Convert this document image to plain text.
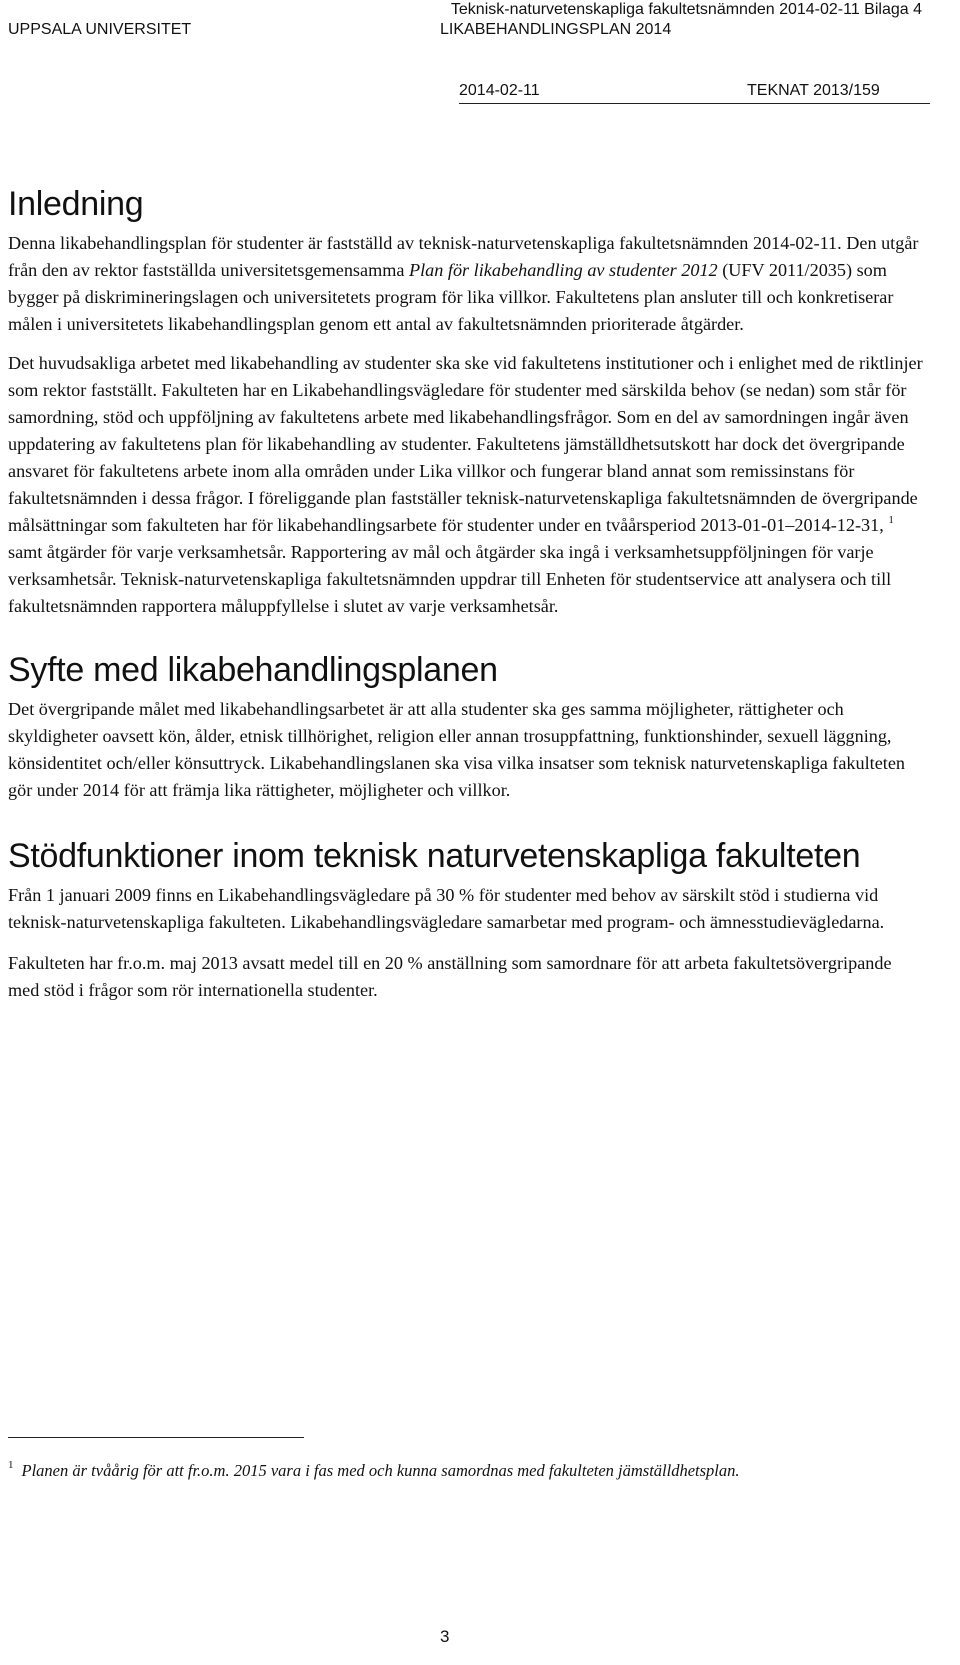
UPPSALA UNIVERSITET
Teknisk-naturvetenskapliga fakultetsnämnden 2014-02-11 Bilaga 4
LIKABEHANDLINGSPLAN 2014
2014-02-11	TEKNAT 2013/159
Inledning

Denna likabehandlingsplan för studenter är fastställd av teknisk-naturvetenskapliga fakultetsnämnden 2014-02-11. Den utgår från den av rektor fastställda universitetsgemensamma Plan för likabehandling av studenter 2012 (UFV 2011/2035) som bygger på diskrimineringslagen och universitetets program för lika villkor. Fakultetens plan ansluter till och konkretiserar målen i universitetets likabehandlingsplan genom ett antal av fakultetsnämnden prioriterade åtgärder.

Det huvudsakliga arbetet med likabehandling av studenter ska ske vid fakultetens institutioner och i enlighet med de riktlinjer som rektor fastställt. Fakulteten har en Likabehandlingsvägledare för studenter med särskilda behov (se nedan) som står för samordning, stöd och uppföljning av fakultetens arbete med likabehandlingsfrågor. Som en del av samordningen ingår även uppdatering av fakultetens plan för likabehandling av studenter. Fakultetens jämställdhetsutskott har dock det övergripande ansvaret för fakultetens arbete inom alla områden under Lika villkor och fungerar bland annat som remissinstans för fakultetsnämnden i dessa frågor. I föreliggande plan fastställer teknisk-naturvetenskapliga fakultetsnämnden de övergripande målsättningar som fakulteten har för likabehandlingsarbete för studenter under en tvåårsperiod 2013-01-01–2014-12-31, $^1$ samt åtgärder för varje verksamhetsår. Rapportering av mål och åtgärder ska ingå i verksamhetsuppföljningen för varje verksamhetsår. Teknisk-naturvetenskapliga fakultetsnämnden uppdrar till Enheten för studentservice att analysera och till fakultetsnämnden rapportera måluppfyllelse i slutet av varje verksamhetsår.

Syfte med likabehandlingsplanen

Det övergripande målet med likabehandlingsarbetet är att alla studenter ska ges samma möjligheter, rättigheter och skyldigheter oavsett kön, ålder, etnisk tillhörighet, religion eller annan trosuppfattning, funktionshinder, sexuell läggning, könsidentitet och/eller könsuttryck. Likabehandlingslanen ska visa vilka insatser som teknisk naturvetenskapliga fakulteten gör under 2014 för att främja lika rättigheter, möjligheter och villkor.

Stödfunktioner inom teknisk naturvetenskapliga fakulteten

Från 1 januari 2009 finns en Likabehandlingsvägledare på 30 % för studenter med behov av särskilt stöd i studierna vid teknisk-naturvetenskapliga fakulteten. Likabehandlingsvägledare samarbetar med program- och ämnesstudievägledarna.

Fakulteten har fr.o.m. maj 2013 avsatt medel till en 20 % anställning som samordnare för att arbeta fakultetsövergripande med stöd i frågor som rör internationella studenter.

$^1$ Planen är tvåårig för att fr.o.m. 2015 vara i fas med och kunna samordnas med fakulteten jämställdhetsplan.
3
